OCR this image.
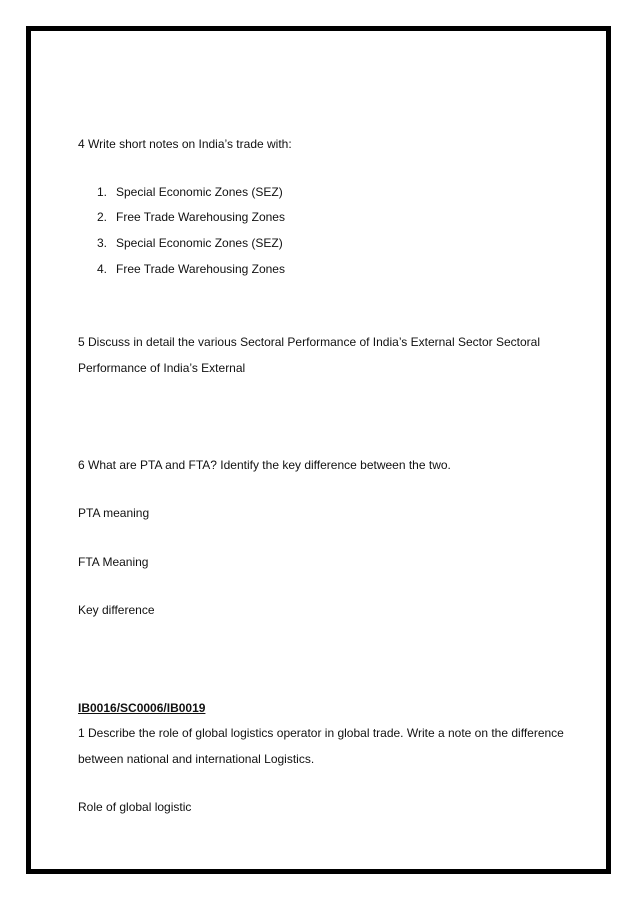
4 Write short notes on India’s trade with:
1. Special Economic Zones (SEZ)
2. Free Trade Warehousing Zones
3. Special Economic Zones (SEZ)
4. Free Trade Warehousing Zones
5 Discuss in detail the various Sectoral Performance of India’s External Sector Sectoral
Performance of India’s External
6 What are PTA and FTA? Identify the key difference between the two.
PTA meaning
FTA Meaning
Key difference
IB0016/SC0006/IB0019
1 Describe the role of global logistics operator in global trade. Write a note on the difference
between national and international Logistics.
Role of global logistic
